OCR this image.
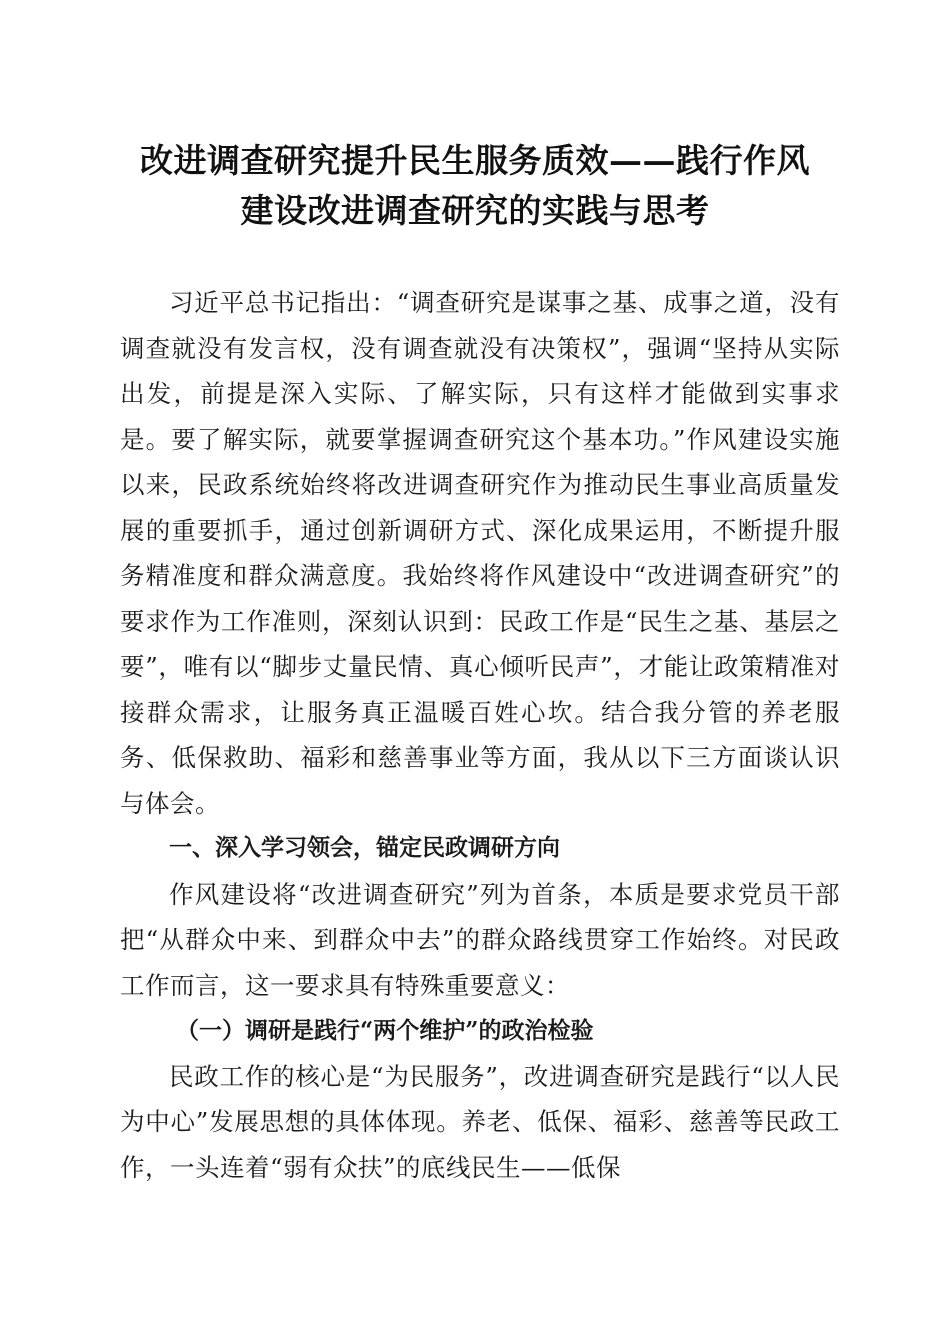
改进调查研究提升民生服务质效——践行作风
建设改进调查研究的实践与思考

习近平总书记指出：“调查研究是谋事之基、成事之道，没有调查就没有发言权，没有调查就没有决策权”，强调“坚持从实际出发，前提是深入实际、了解实际，只有这样才能做到实事求是。要了解实际，就要掌握调查研究这个基本功。”作风建设实施以来，民政系统始终将改进调查研究作为推动民生事业高质量发展的重要抓手，通过创新调研方式、深化成果运用，不断提升服务精准度和群众满意度。我始终将作风建设中“改进调查研究”的要求作为工作准则，深刻认识到：民政工作是“民生之基、基层之要”，唯有以“脚步丈量民情、真心倾听民声”，才能让政策精准对接群众需求，让服务真正温暖百姓心坎。结合我分管的养老服务、低保救助、福彩和慈善事业等方面，我从以下三方面谈认识与体会。

一、深入学习领会，锚定民政调研方向

作风建设将“改进调查研究”列为首条，本质是要求党员干部把“从群众中来、到群众中去”的群众路线贯穿工作始终。对民政工作而言，这一要求具有特殊重要意义：

（一）调研是践行“两个维护”的政治检验

民政工作的核心是“为民服务”，改进调查研究是践行“以人民为中心”发展思想的具体体现。养老、低保、福彩、慈善等民政工作，一头连着“弱有众扶”的底线民生——低保
